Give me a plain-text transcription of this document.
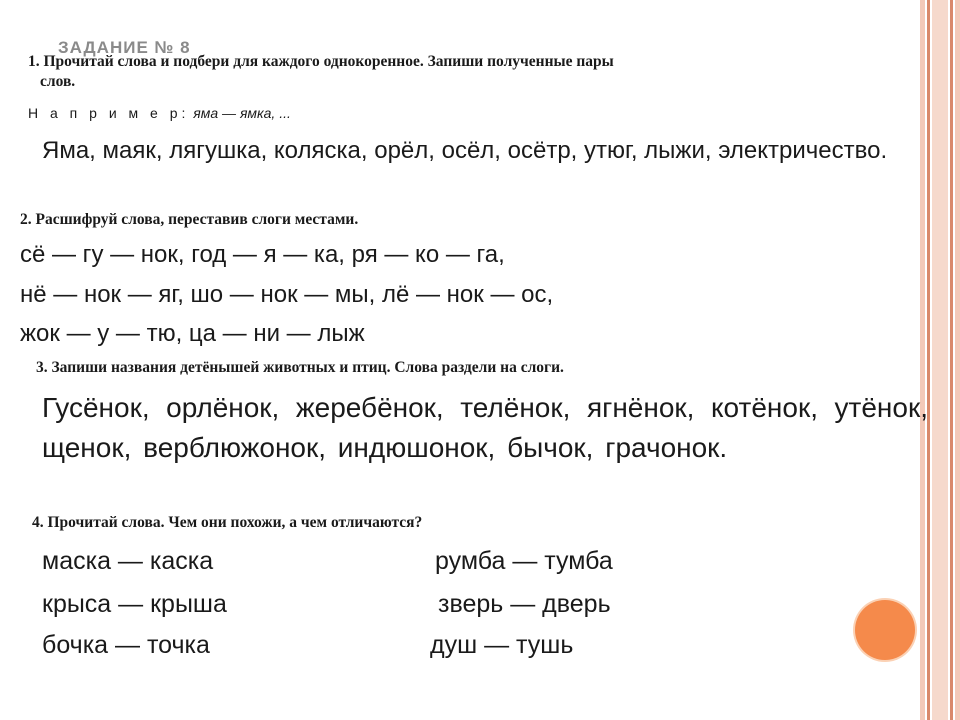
ЗАДАНИЕ № 8
1. Прочитай слова и подбери для каждого однокоренное. Запиши полученные пары
слов.
Н а п р и м е р: яма — ямка, ...
Яма, маяк, лягушка, коляска, орёл, осёл, осётр, утюг, лыжи, электричество.
2. Расшифруй слова, переставив слоги местами.
сё — гу — нок, год — я — ка, ря — ко — га,
нё — нок — яг, шо — нок — мы, лё — нок — ос,
жок — у — тю, ца — ни — лыж
3. Запиши названия детёнышей животных и птиц. Слова раздели на слоги.
Гусёнок, орлёнок, жеребёнок, телёнок, ягнёнок, котёнок, утёнок, щенок, верблюжонок, индюшонок, бычок, грачонок.
4. Прочитай слова. Чем они похожи, а чем отличаются?
маска — каска
крыса — крыша
бочка — точка
румба — тумба
зверь — дверь
душ — тушь
